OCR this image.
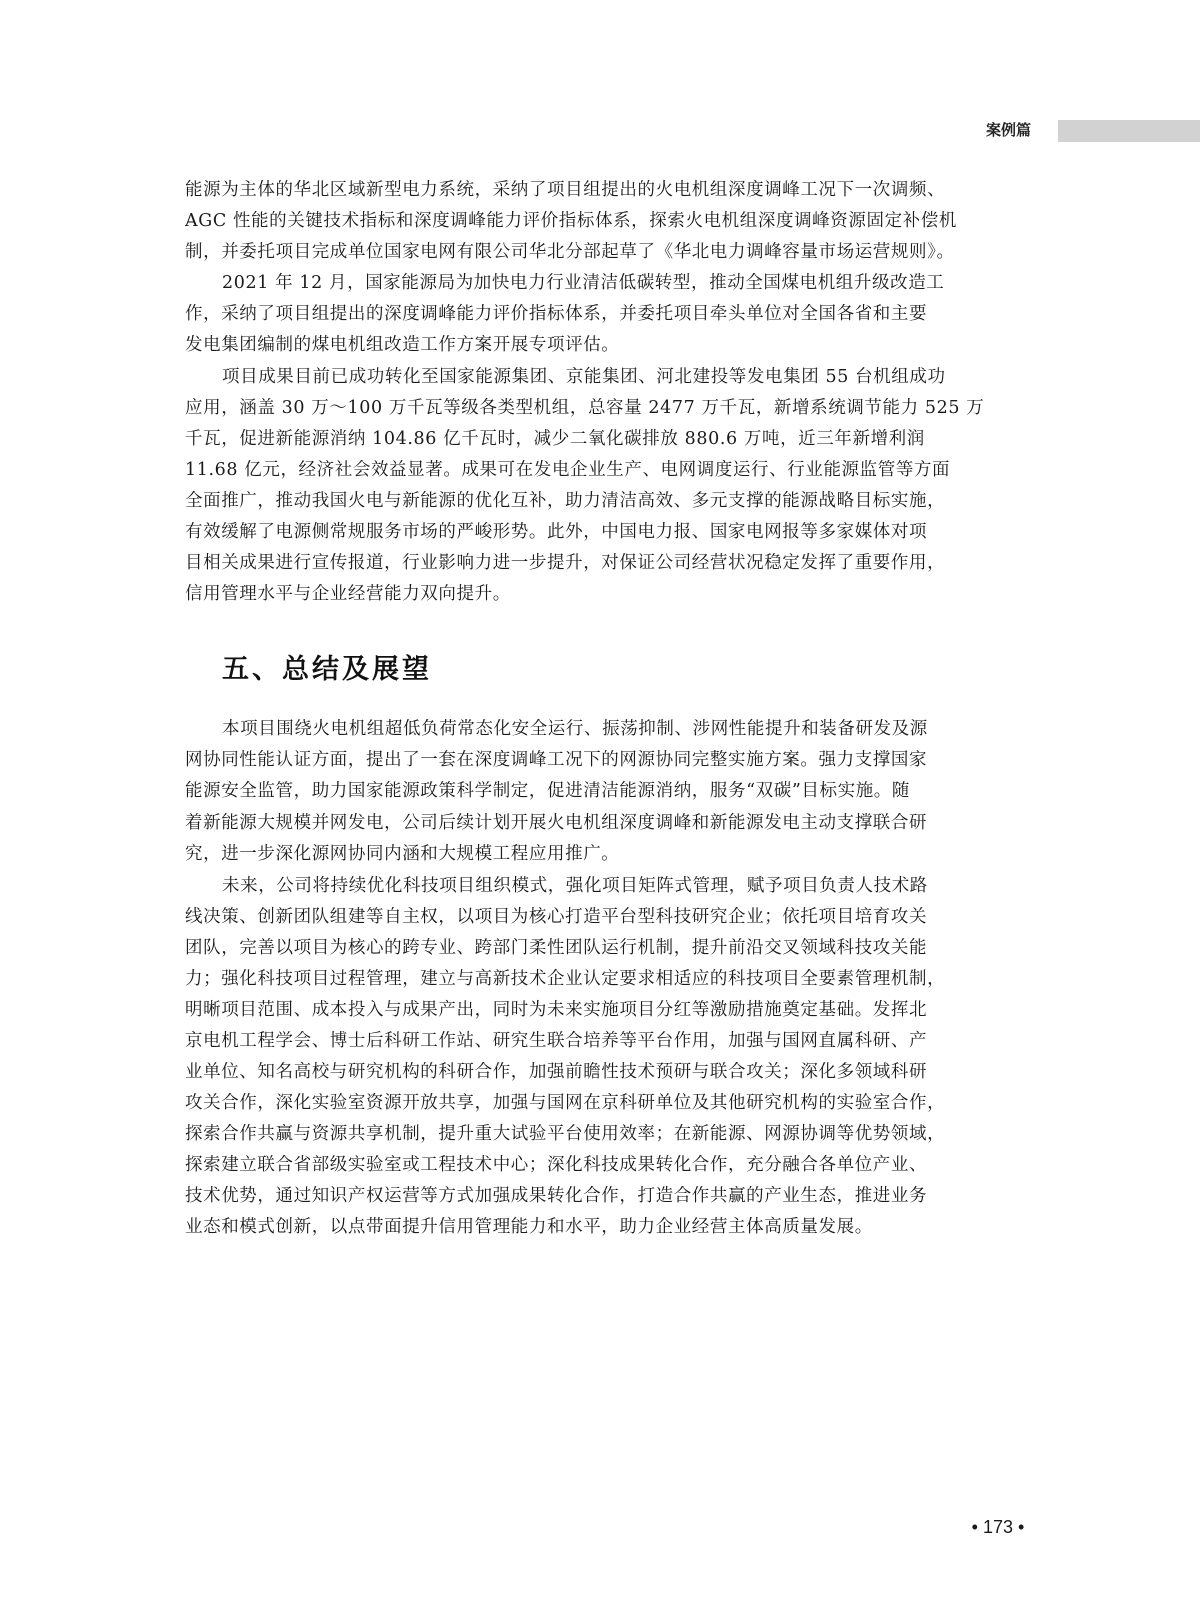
案例篇
能源为主体的华北区域新型电力系统，采纳了项目组提出的火电机组深度调峰工况下一次调频、
AGC 性能的关键技术指标和深度调峰能力评价指标体系，探索火电机组深度调峰资源固定补偿机
制，并委托项目完成单位国家电网有限公司华北分部起草了《华北电力调峰容量市场运营规则》。
2021 年 12 月，国家能源局为加快电力行业清洁低碳转型，推动全国煤电机组升级改造工
作，采纳了项目组提出的深度调峰能力评价指标体系，并委托项目牵头单位对全国各省和主要
发电集团编制的煤电机组改造工作方案开展专项评估。
项目成果目前已成功转化至国家能源集团、京能集团、河北建投等发电集团 55 台机组成功
应用，涵盖 30 万～100 万千瓦等级各类型机组，总容量 2477 万千瓦，新增系统调节能力 525 万
千瓦，促进新能源消纳 104.86 亿千瓦时，减少二氧化碳排放 880.6 万吨，近三年新增利润
11.68 亿元，经济社会效益显著。成果可在发电企业生产、电网调度运行、行业能源监管等方面
全面推广，推动我国火电与新能源的优化互补，助力清洁高效、多元支撑的能源战略目标实施，
有效缓解了电源侧常规服务市场的严峻形势。此外，中国电力报、国家电网报等多家媒体对项
目相关成果进行宣传报道，行业影响力进一步提升，对保证公司经营状况稳定发挥了重要作用，
信用管理水平与企业经营能力双向提升。
五、总结及展望
本项目围绕火电机组超低负荷常态化安全运行、振荡抑制、涉网性能提升和装备研发及源
网协同性能认证方面，提出了一套在深度调峰工况下的网源协同完整实施方案。强力支撑国家
能源安全监管，助力国家能源政策科学制定，促进清洁能源消纳，服务“双碳”目标实施。随
着新能源大规模并网发电，公司后续计划开展火电机组深度调峰和新能源发电主动支撑联合研
究，进一步深化源网协同内涵和大规模工程应用推广。
未来，公司将持续优化科技项目组织模式，强化项目矩阵式管理，赋予项目负责人技术路
线决策、创新团队组建等自主权，以项目为核心打造平台型科技研究企业；依托项目培育攻关
团队，完善以项目为核心的跨专业、跨部门柔性团队运行机制，提升前沿交叉领域科技攻关能
力；强化科技项目过程管理，建立与高新技术企业认定要求相适应的科技项目全要素管理机制，
明晰项目范围、成本投入与成果产出，同时为未来实施项目分红等激励措施奠定基础。发挥北
京电机工程学会、博士后科研工作站、研究生联合培养等平台作用，加强与国网直属科研、产
业单位、知名高校与研究机构的科研合作，加强前瞻性技术预研与联合攻关；深化多领域科研
攻关合作，深化实验室资源开放共享，加强与国网在京科研单位及其他研究机构的实验室合作，
探索合作共赢与资源共享机制，提升重大试验平台使用效率；在新能源、网源协调等优势领域，
探索建立联合省部级实验室或工程技术中心；深化科技成果转化合作，充分融合各单位产业、
技术优势，通过知识产权运营等方式加强成果转化合作，打造合作共赢的产业生态，推进业务
业态和模式创新，以点带面提升信用管理能力和水平，助力企业经营主体高质量发展。
• 173 •
